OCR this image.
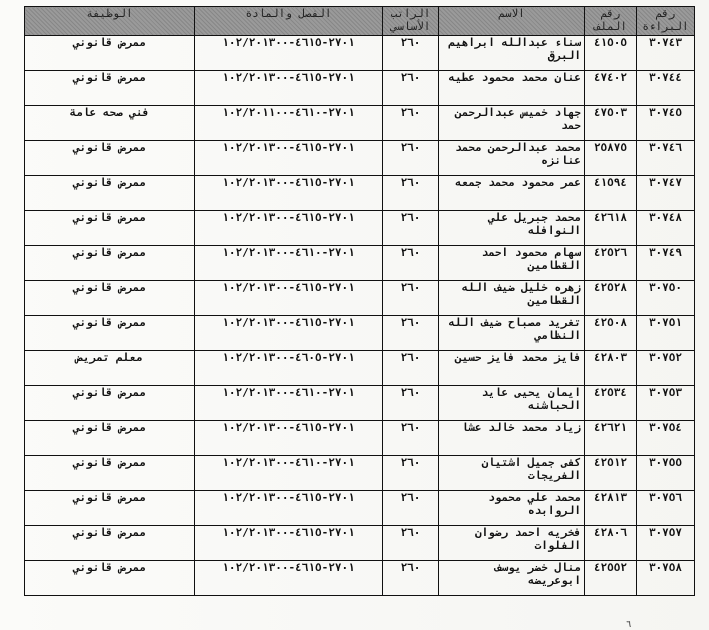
رقم البراءة	رقم الملف	الاسم	الراتب الأساسي	الفصل والمادة	الوظيفة
٣٠٧٤٣	٤١٥٠٥	سناء عبدالله ابراهيم البرق	٢٦٠	٢٧٠١-٤٦١٥-١٠٢/٢٠١٣٠٠	ممرض قانوني
٣٠٧٤٤	٤٧٤٠٢	عنان محمد محمود عطيه	٢٦٠	٢٧٠١-٤٦١٥-١٠٢/٢٠١٣٠٠	ممرض قانوني
٣٠٧٤٥	٤٧٥٠٣	جهاد خميس عبدالرحمن حمد	٢٦٠	٢٧٠١-٤٦١٠-١٠٢/٢٠١١٠٠	فني صحه عامة
٣٠٧٤٦	٢٥٨٧٥	محمد عبدالرحمن محمد عنانزه	٢٦٠	٢٧٠١-٤٦١٥-١٠٢/٢٠١٣٠٠	ممرض قانوني
٣٠٧٤٧	٤١٥٩٤	عمر محمود محمد جمعه	٢٦٠	٢٧٠١-٤٦١٥-١٠٢/٢٠١٣٠٠	ممرض قانوني
٣٠٧٤٨	٤٢٦١٨	محمد جبريل علي النوافله	٢٦٠	٢٧٠١-٤٦١٥-١٠٢/٢٠١٣٠٠	ممرض قانوني
٣٠٧٤٩	٤٢٥٢٦	سهام محمود احمد القطامين	٢٦٠	٢٧٠١-٤٦١٠-١٠٢/٢٠١٣٠٠	ممرض قانوني
٣٠٧٥٠	٤٢٥٢٨	زهره خليل ضيف الله القطامين	٢٦٠	٢٧٠١-٤٦١٥-١٠٢/٢٠١٣٠٠	ممرض قانوني
٣٠٧٥١	٤٢٥٠٨	تغريد مصباح ضيف الله النظامي	٢٦٠	٢٧٠١-٤٦١٥-١٠٢/٢٠١٣٠٠	ممرض قانوني
٣٠٧٥٢	٤٢٨٠٣	فايز محمد فايز حسين	٢٦٠	٢٧٠١-٤٦٠٥-١٠٢/٢٠١٣٠٠	معلم تمريض
٣٠٧٥٣	٤٢٥٣٤	ايمان يحيى عايد الحباشنه	٢٦٠	٢٧٠١-٤٦١٠-١٠٢/٢٠١٣٠٠	ممرض قانوني
٣٠٧٥٤	٤٢٦٢١	زياد محمد خالد عشا	٢٦٠	٢٧٠١-٤٦١٥-١٠٢/٢٠١٣٠٠	ممرض قانوني
٣٠٧٥٥	٤٢٥١٢	كفى جميل اشتيان الفريجات	٢٦٠	٢٧٠١-٤٦١٠-١٠٢/٢٠١٣٠٠	ممرض قانوني
٣٠٧٥٦	٤٢٨١٣	محمد علي محمود الروابده	٢٦٠	٢٧٠١-٤٦١٥-١٠٢/٢٠١٣٠٠	ممرض قانوني
٣٠٧٥٧	٤٢٨٠٦	فخريه احمد رضوان الفلوات	٢٦٠	٢٧٠١-٤٦١٥-١٠٢/٢٠١٣٠٠	ممرض قانوني
٣٠٧٥٨	٤٢٥٥٢	منال خضر يوسف ابوعريضه	٢٦٠	٢٧٠١-٤٦١٥-١٠٢/٢٠١٣٠٠	ممرض قانوني
٦
